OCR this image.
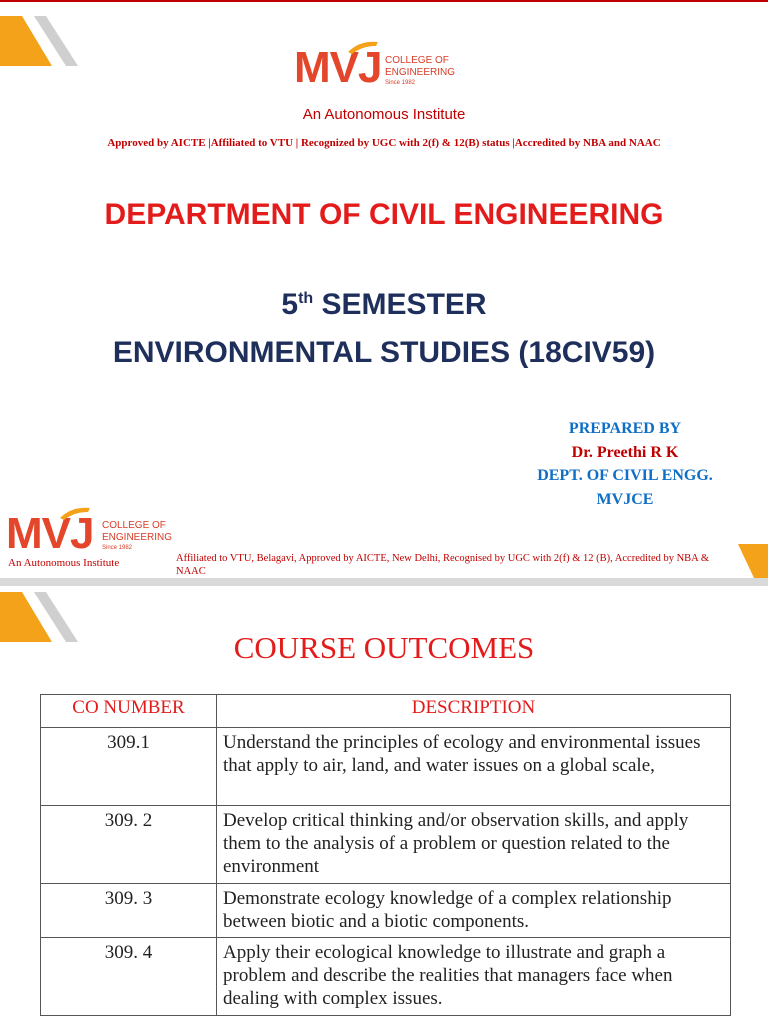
MVJ COLLEGE OF
ENGINEERING
Since 1982
An Autonomous Institute
Approved by AICTE |Affiliated to VTU | Recognized by UGC with 2(f) & 12(B) status |Accredited by NBA and NAAC
DEPARTMENT OF CIVIL ENGINEERING
5th SEMESTER
ENVIRONMENTAL STUDIES (18CIV59)
PREPARED BY
Dr. Preethi R K
DEPT. OF CIVIL ENGG.
MVJCE
MVJ COLLEGE OF
ENGINEERING
Since 1982
An Autonomous Institute	Affiliated to VTU, Belagavi, Approved by AICTE, New Delhi, Recognised by UGC with 2(f) & 12 (B), Accredited by NBA & NAAC
COURSE OUTCOMES
CO NUMBER	DESCRIPTION
309.1	Understand the principles of ecology and environmental issues that apply to air, land, and water issues on a global scale,
309. 2	Develop critical thinking and/or observation skills, and apply them to the analysis of a problem or question related to the environment
309. 3	Demonstrate ecology knowledge of a complex relationship between biotic and a biotic components.
309. 4	Apply their ecological knowledge to illustrate and graph a problem and describe the realities that managers face when dealing with complex issues.
